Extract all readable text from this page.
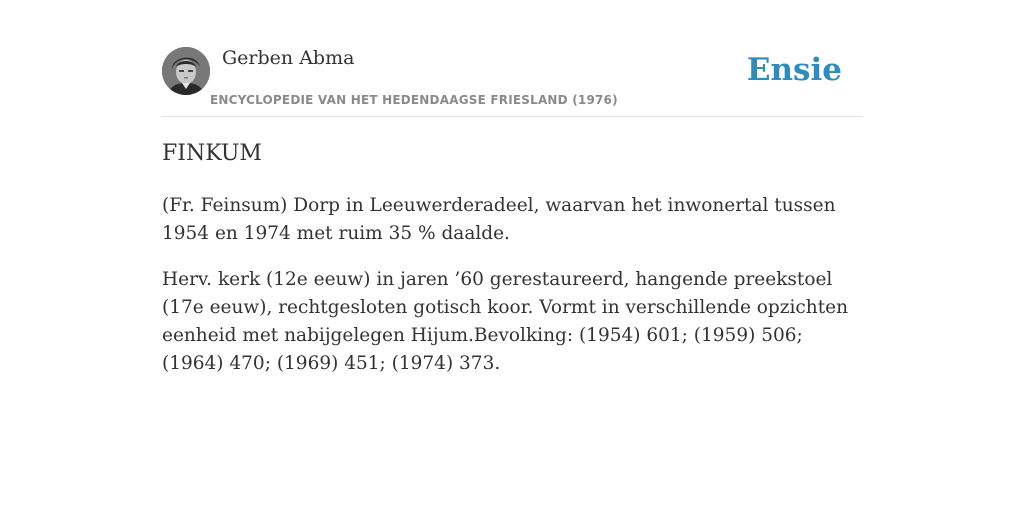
Gerben Abma
ENCYCLOPEDIE VAN HET HEDENDAAGSE FRIESLAND (1976)
Ensie
FINKUM

(Fr. Feinsum) Dorp in Leeuwerderadeel, waarvan het inwonertal tussen 1954 en 1974 met ruim 35 % daalde.

Herv. kerk (12e eeuw) in jaren ’60 gerestaureerd, hangende preekstoel (17e eeuw), rechtgesloten gotisch koor. Vormt in verschillende opzichten eenheid met nabijgelegen Hijum.Bevolking: (1954) 601; (1959) 506; (1964) 470; (1969) 451; (1974) 373.
